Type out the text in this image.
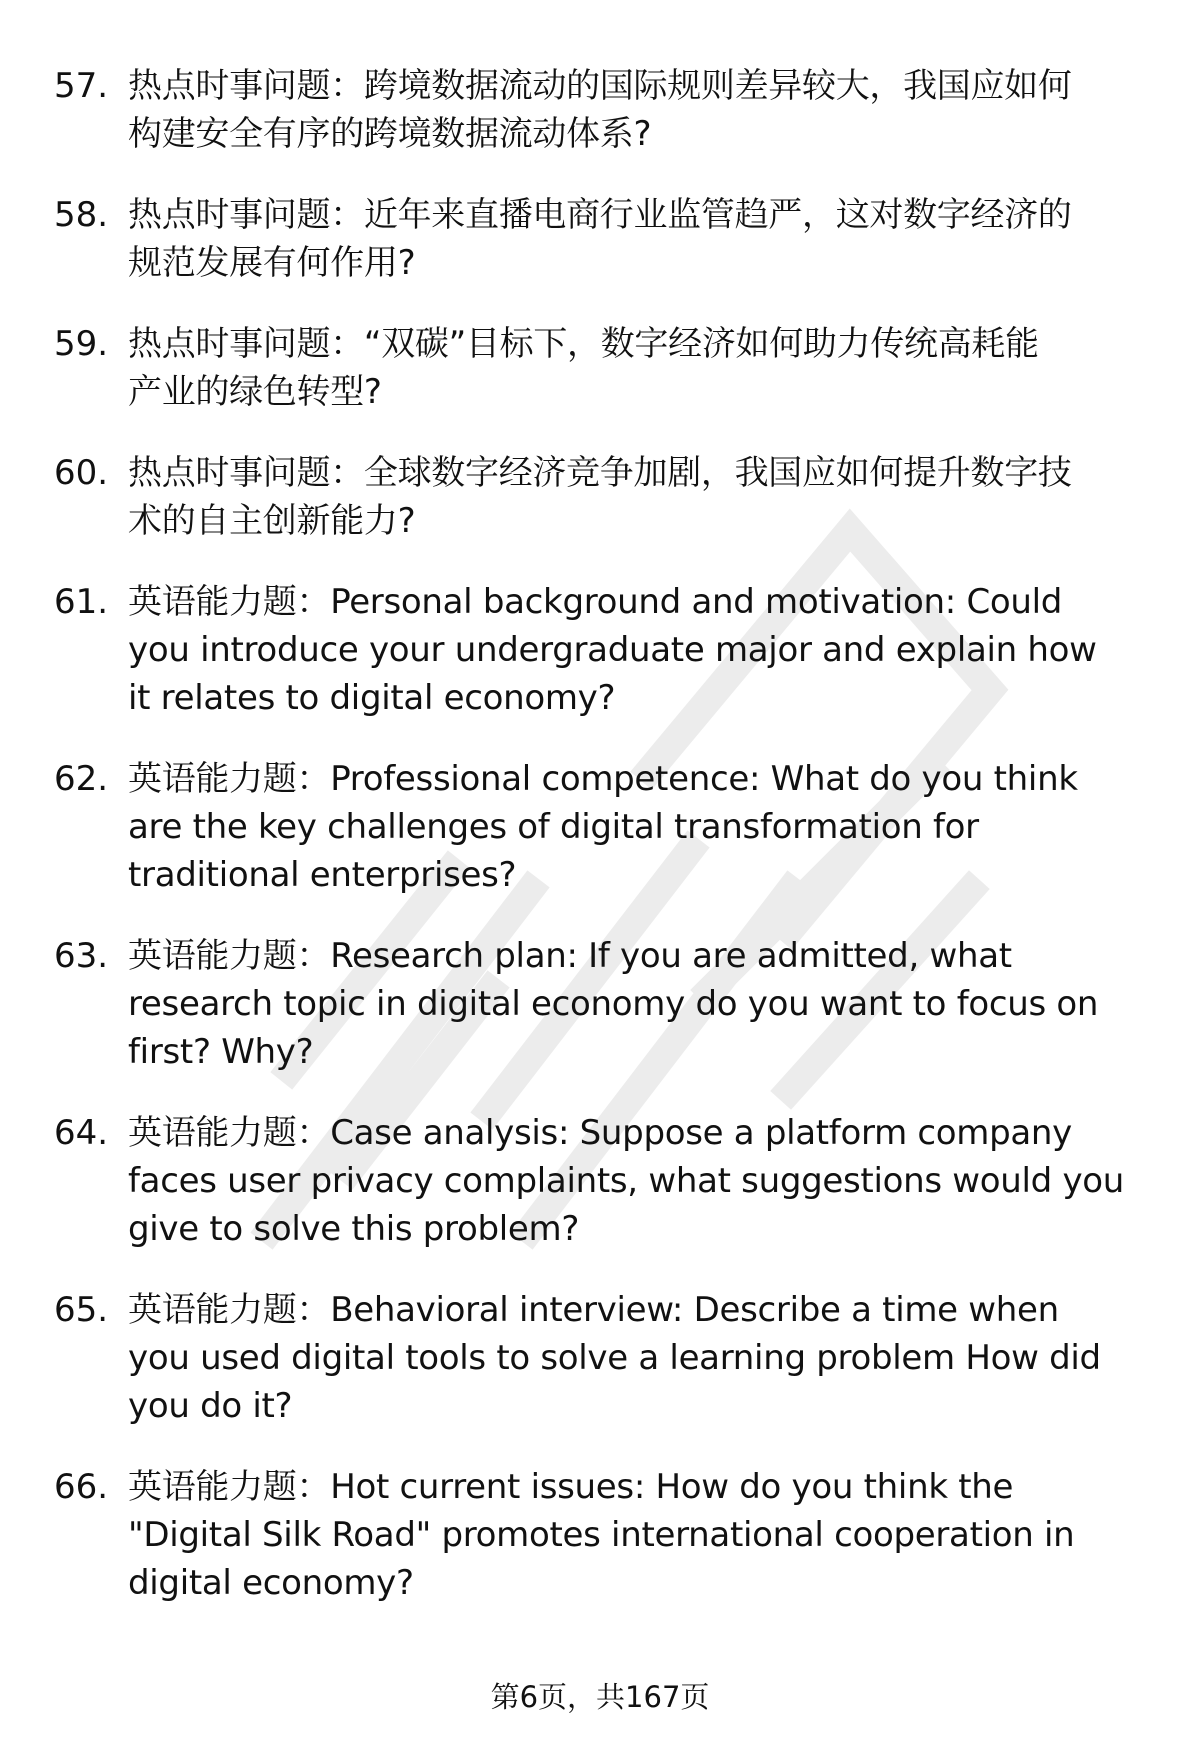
57. 热点时事问题：跨境数据流动的国际规则差异较大，我国应如何
构建安全有序的跨境数据流动体系?
58. 热点时事问题：近年来直播电商行业监管趋严，这对数字经济的
规范发展有何作用?
59. 热点时事问题：“双碳”目标下，数字经济如何助力传统高耗能
产业的绿色转型?
60. 热点时事问题：全球数字经济竞争加剧，我国应如何提升数字技
术的自主创新能力?
61. 英语能力题：Personal background and motivation: Could
you introduce your undergraduate major and explain how
it relates to digital economy?
62. 英语能力题：Professional competence: What do you think
are the key challenges of digital transformation for
traditional enterprises?
63. 英语能力题：Research plan: If you are admitted, what
research topic in digital economy do you want to focus on
first? Why?
64. 英语能力题：Case analysis: Suppose a platform company
faces user privacy complaints, what suggestions would you
give to solve this problem?
65. 英语能力题：Behavioral interview: Describe a time when
you used digital tools to solve a learning problem How did
you do it?
66. 英语能力题：Hot current issues: How do you think the
"Digital Silk Road" promotes international cooperation in
digital economy?
第6页，共167页
